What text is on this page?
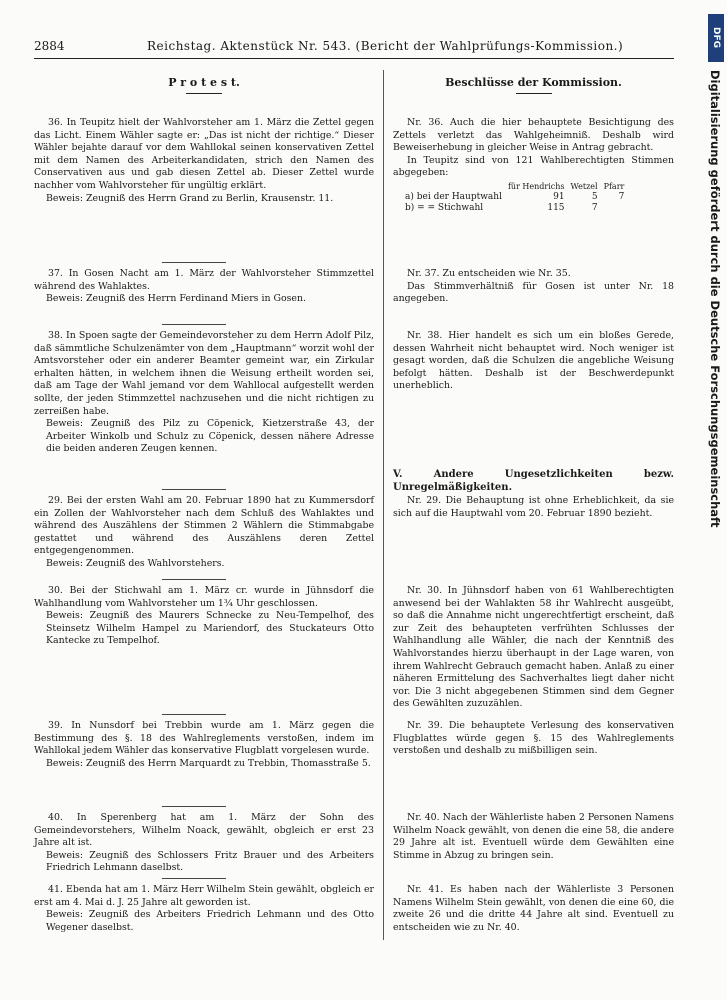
2884	Reichstag. Aktenstück Nr. 543. (Bericht der Wahlprüfungs-Kommission.)
P r o t e s t.	Beschlüsse der Kommission.

36. In Teupitz hielt der Wahlvorsteher am 1. März die Zettel gegen das Licht. Einem Wähler sagte er: „Das ist nicht der richtige.“ Dieser Wähler bejahte darauf vor dem Wahllokal seinen konservativen Zettel mit dem Namen des Arbeiterkandidaten, strich den Namen des Conservativen aus und gab diesen Zettel ab. Dieser Zettel wurde nachher vom Wahlvorsteher für ungültig erklärt.

Beweis: Zeugniß des Herrn Grand zu Berlin, Krausenstr. 11.

37. In Gosen Nacht am 1. März der Wahlvorsteher Stimmzettel während des Wahlaktes.

Beweis: Zeugniß des Herrn Ferdinand Miers in Gosen.

38. In Spoen sagte der Gemeindevorsteher zu dem Herrn Adolf Pilz, daß sämmtliche Schulzenämter von dem „Hauptmann“ worzit wohl der Amtsvorsteher oder ein anderer Beamter gemeint war, ein Zirkular erhalten hätten, in welchem ihnen die Weisung ertheilt worden sei, daß am Tage der Wahl jemand vor dem Wahllocal aufgestellt werden sollte, der jeden Stimmzettel nachzusehen und die nicht richtigen zu zerreißen habe.

Beweis: Zeugniß des Pilz zu Cöpenick, Kietzerstraße 43, der Arbeiter Winkolb und Schulz zu Cöpenick, dessen nähere Adresse die beiden anderen Zeugen kennen.

29. Bei der ersten Wahl am 20. Februar 1890 hat zu Kummersdorf ein Zollen der Wahlvorsteher nach dem Schluß des Wahlaktes und während des Auszählens der Stimmen 2 Wählern die Stimmabgabe gestattet und während des Auszählens deren Zettel entgegengenommen.

Beweis: Zeugniß des Wahlvorstehers.

30. Bei der Stichwahl am 1. März cr. wurde in Jühnsdorf die Wahlhandlung vom Wahlvorsteher um 1¾ Uhr geschlossen.

Beweis: Zeugniß des Maurers Schnecke zu Neu-Tempelhof, des Steinsetz Wilhelm Hampel zu Mariendorf, des Stuckateurs Otto Kantecke zu Tempelhof.

39. In Nunsdorf bei Trebbin wurde am 1. März gegen die Bestimmung des §. 18 des Wahlreglements verstoßen, indem im Wahllokal jedem Wähler das konservative Flugblatt vorgelesen wurde.

Beweis: Zeugniß des Herrn Marquardt zu Trebbin, Thomasstraße 5.

40. In Sperenberg hat am 1. März der Sohn des Gemeindevorstehers, Wilhelm Noack, gewählt, obgleich er erst 23 Jahre alt ist.

Beweis: Zeugniß des Schlossers Fritz Brauer und des Arbeiters Friedrich Lehmann daselbst.

41. Ebenda hat am 1. März Herr Wilhelm Stein gewählt, obgleich er erst am 4. Mai d. J. 25 Jahre alt geworden ist.

Beweis: Zeugniß des Arbeiters Friedrich Lehmann und des Otto Wegener daselbst.

Nr. 36. Auch die hier behauptete Besichtigung des Zettels verletzt das Wahlgeheimniß. Deshalb wird Beweiserhebung in gleicher Weise in Antrag gebracht.

In Teupitz sind von 121 Wahlberechtigten Stimmen abgegeben:

	für Hendrichs	Wetzel	Pfarr
a) bei der Hauptwahl	91	5	7
b) = = Stichwahl	115	7	

Nr. 37. Zu entscheiden wie Nr. 35.

Das Stimmverhältniß für Gosen ist unter Nr. 18 angegeben.

Nr. 38. Hier handelt es sich um ein bloßes Gerede, dessen Wahrheit nicht behauptet wird. Noch weniger ist gesagt worden, daß die Schulzen die angebliche Weisung befolgt hätten. Deshalb ist der Beschwerdepunkt unerheblich.

V. Andere Ungesetzlichkeiten bezw. Unregelmäßigkeiten.

Nr. 29. Die Behauptung ist ohne Erheblichkeit, da sie sich auf die Hauptwahl vom 20. Februar 1890 bezieht.

Nr. 30. In Jühnsdorf haben von 61 Wahlberechtigten anwesend bei der Wahlakten 58 ihr Wahlrecht ausgeübt, so daß die Annahme nicht ungerechtfertigt erscheint, daß zur Zeit des behaupteten verfrühten Schlusses der Wahlhandlung alle Wähler, die nach der Kenntniß des Wahlvorstandes hierzu überhaupt in der Lage waren, von ihrem Wahlrecht Gebrauch gemacht haben. Anlaß zu einer näheren Ermittelung des Sachverhaltes liegt daher nicht vor. Die 3 nicht abgegebenen Stimmen sind dem Gegner des Gewählten zuzuzählen.

Nr. 39. Die behauptete Verlesung des konservativen Flugblattes würde gegen §. 15 des Wahlreglements verstoßen und deshalb zu mißbilligen sein.

Nr. 40. Nach der Wählerliste haben 2 Personen Namens Wilhelm Noack gewählt, von denen die eine 58, die andere 29 Jahre alt ist. Eventuell würde dem Gewählten eine Stimme in Abzug zu bringen sein.

Nr. 41. Es haben nach der Wählerliste 3 Personen Namens Wilhelm Stein gewählt, von denen die eine 60, die zweite 26 und die dritte 44 Jahre alt sind. Eventuell zu entscheiden wie zu Nr. 40.

DFG
Digitalisierung gefördert durch die Deutsche Forschungsgemeinschaft
